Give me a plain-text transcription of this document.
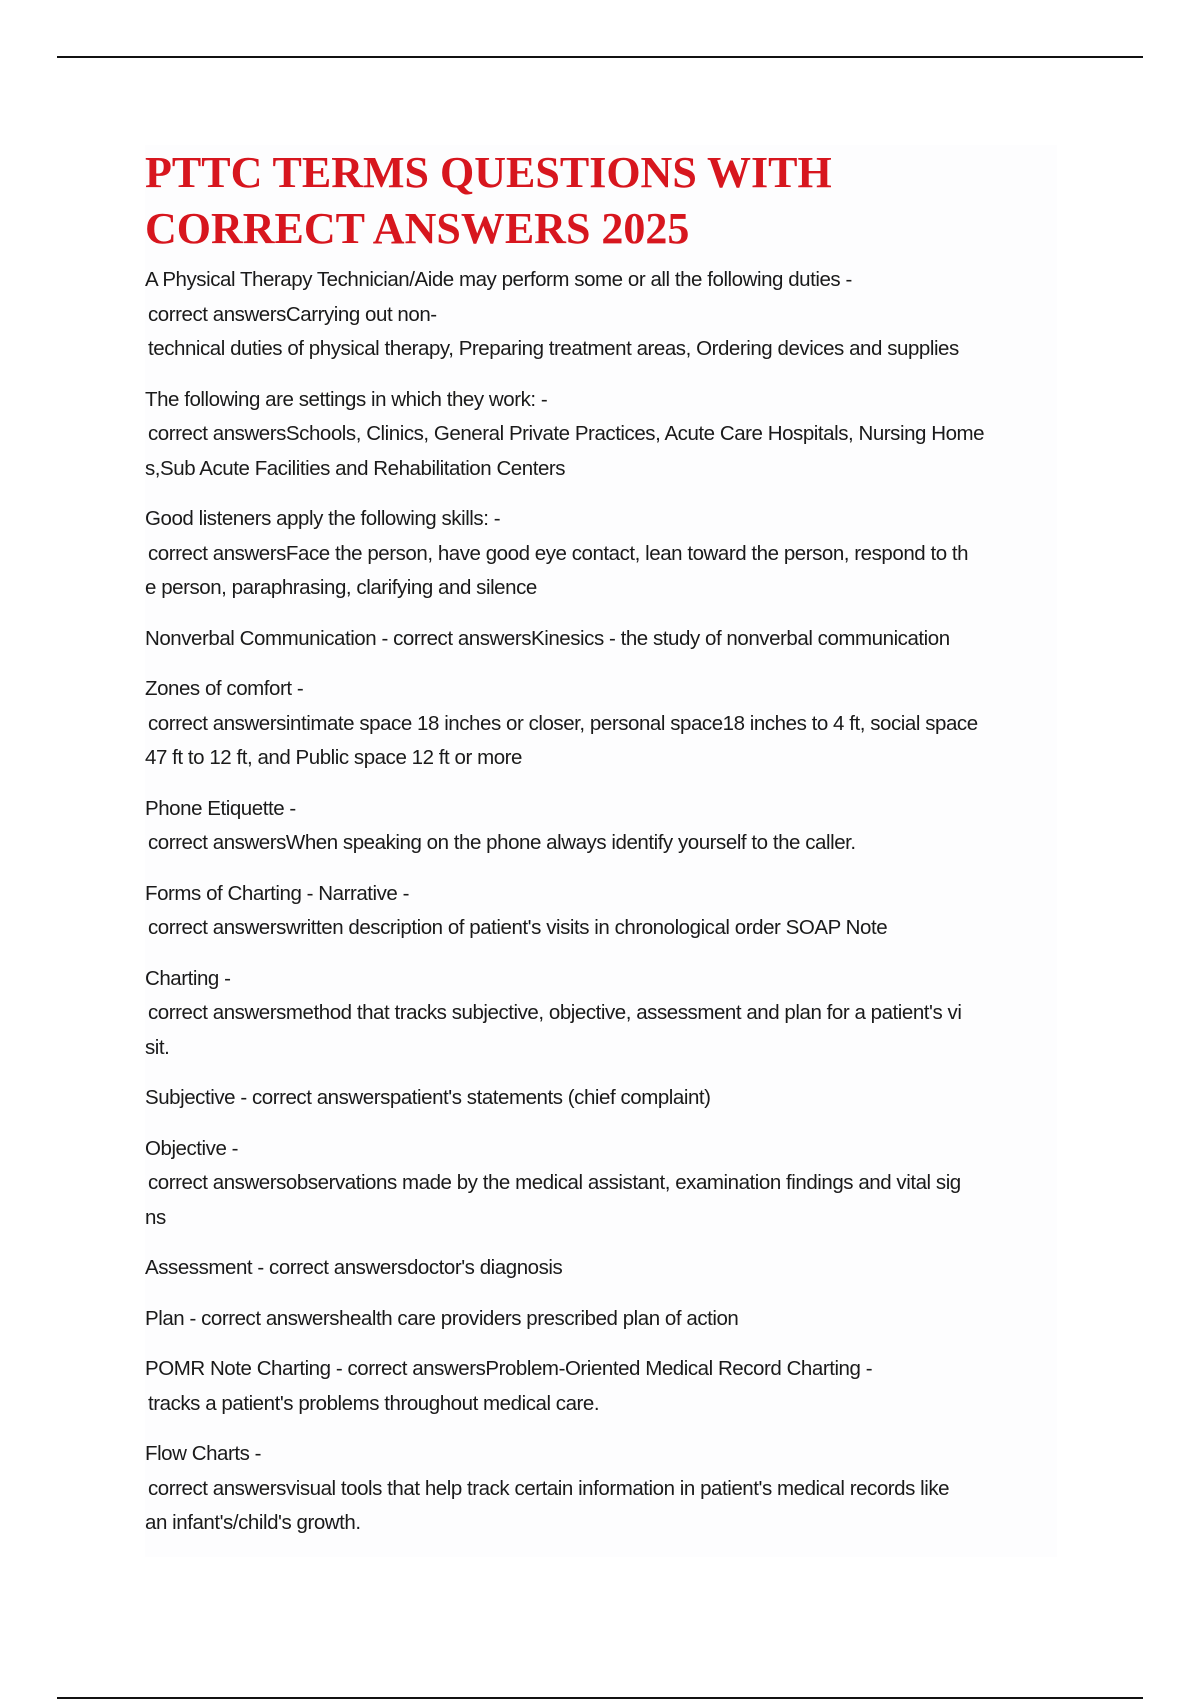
PTTC TERMS QUESTIONS WITH
CORRECT ANSWERS 2025
A Physical Therapy Technician/Aide may perform some or all the following duties -
correct answersCarrying out non-
technical duties of physical therapy, Preparing treatment areas, Ordering devices and supplies
The following are settings in which they work: -
correct answersSchools, Clinics, General Private Practices, Acute Care Hospitals, Nursing Home
s,Sub Acute Facilities and Rehabilitation Centers
Good listeners apply the following skills: -
correct answersFace the person, have good eye contact, lean toward the person, respond to th
e person, paraphrasing, clarifying and silence
Nonverbal Communication - correct answersKinesics - the study of nonverbal communication
Zones of comfort -
correct answersintimate space 18 inches or closer, personal space18 inches to 4 ft, social space
47 ft to 12 ft, and Public space 12 ft or more
Phone Etiquette -
correct answersWhen speaking on the phone always identify yourself to the caller.
Forms of Charting - Narrative -
correct answerswritten description of patient's visits in chronological order SOAP Note
Charting -
correct answersmethod that tracks subjective, objective, assessment and plan for a patient's vi
sit.
Subjective - correct answerspatient's statements (chief complaint)
Objective -
correct answersobservations made by the medical assistant, examination findings and vital sig
ns
Assessment - correct answersdoctor's diagnosis
Plan - correct answershealth care providers prescribed plan of action
POMR Note Charting - correct answersProblem-Oriented Medical Record Charting -
tracks a patient's problems throughout medical care.
Flow Charts -
correct answersvisual tools that help track certain information in patient's medical records like
an infant's/child's growth.
